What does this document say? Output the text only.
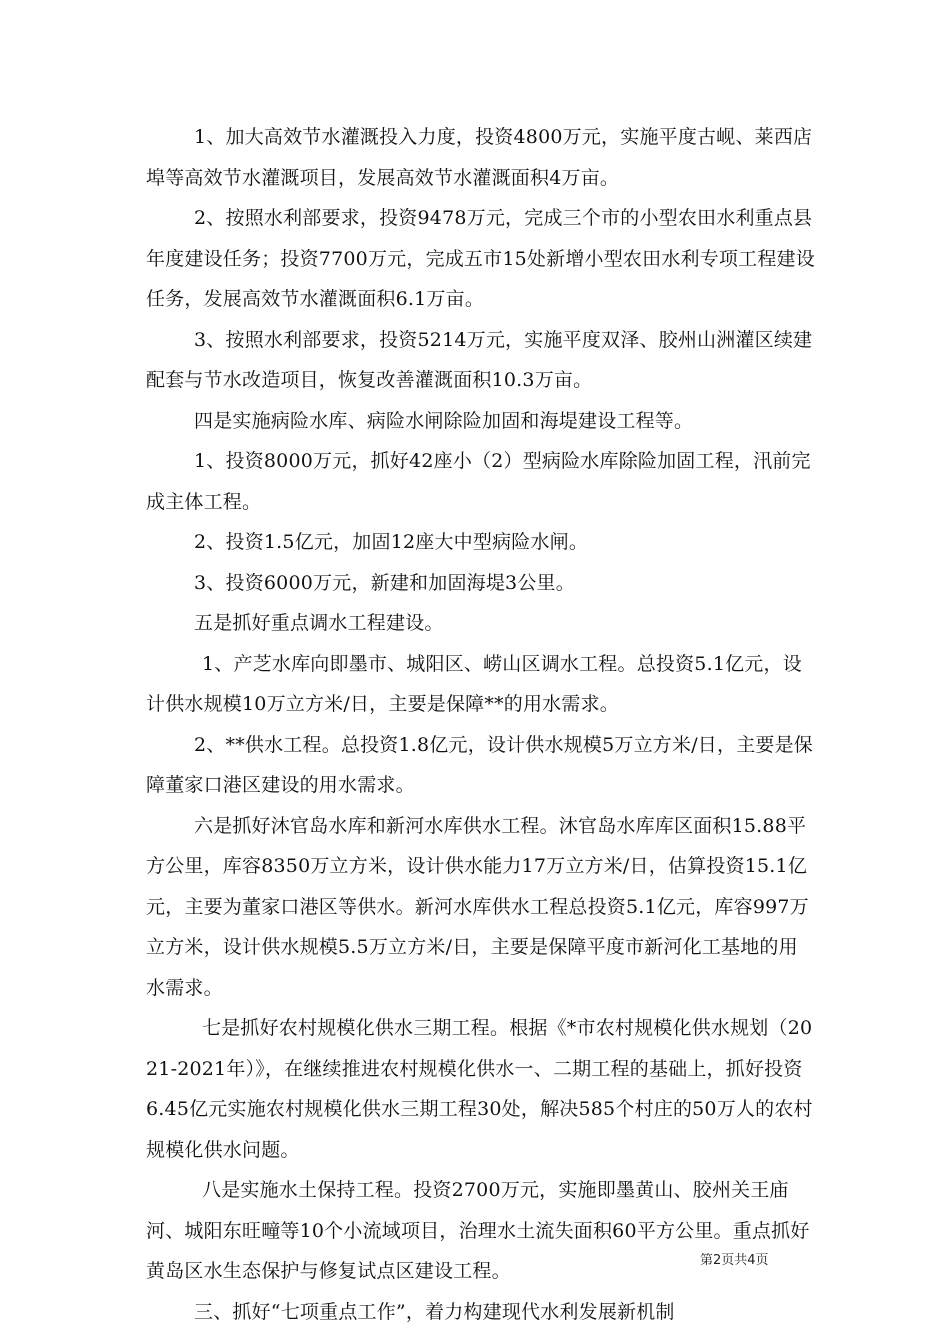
1、加大高效节水灌溉投入力度，投资4800万元，实施平度古岘、莱西店埠等高效节水灌溉项目，发展高效节水灌溉面积4万亩。

2、按照水利部要求，投资9478万元，完成三个市的小型农田水利重点县年度建设任务；投资7700万元，完成五市15处新增小型农田水利专项工程建设任务，发展高效节水灌溉面积6.1万亩。

3、按照水利部要求，投资5214万元，实施平度双泽、胶州山洲灌区续建配套与节水改造项目，恢复改善灌溉面积10.3万亩。

四是实施病险水库、病险水闸除险加固和海堤建设工程等。

1、投资8000万元，抓好42座小（2）型病险水库除险加固工程，汛前完成主体工程。

2、投资1.5亿元，加固12座大中型病险水闸。

3、投资6000万元，新建和加固海堤3公里。

五是抓好重点调水工程建设。

1、产芝水库向即墨市、城阳区、崂山区调水工程。总投资5.1亿元，设计供水规模10万立方米/日，主要是保障**的用水需求。

2、**供水工程。总投资1.8亿元，设计供水规模5万立方米/日，主要是保障董家口港区建设的用水需求。

六是抓好沐官岛水库和新河水库供水工程。沐官岛水库库区面积15.88平方公里，库容8350万立方米，设计供水能力17万立方米/日，估算投资15.1亿元，主要为董家口港区等供水。新河水库供水工程总投资5.1亿元，库容997万立方米，设计供水规模5.5万立方米/日，主要是保障平度市新河化工基地的用水需求。

七是抓好农村规模化供水三期工程。根据《*市农村规模化供水规划（2021-2021年）》，在继续推进农村规模化供水一、二期工程的基础上，抓好投资6.45亿元实施农村规模化供水三期工程30处，解决585个村庄的50万人的农村规模化供水问题。

八是实施水土保持工程。投资2700万元，实施即墨黄山、胶州关王庙河、城阳东旺疃等10个小流域项目，治理水土流失面积60平方公里。重点抓好黄岛区水生态保护与修复试点区建设工程。

三、抓好“七项重点工作”，着力构建现代水利发展新机制

第2页共4页
